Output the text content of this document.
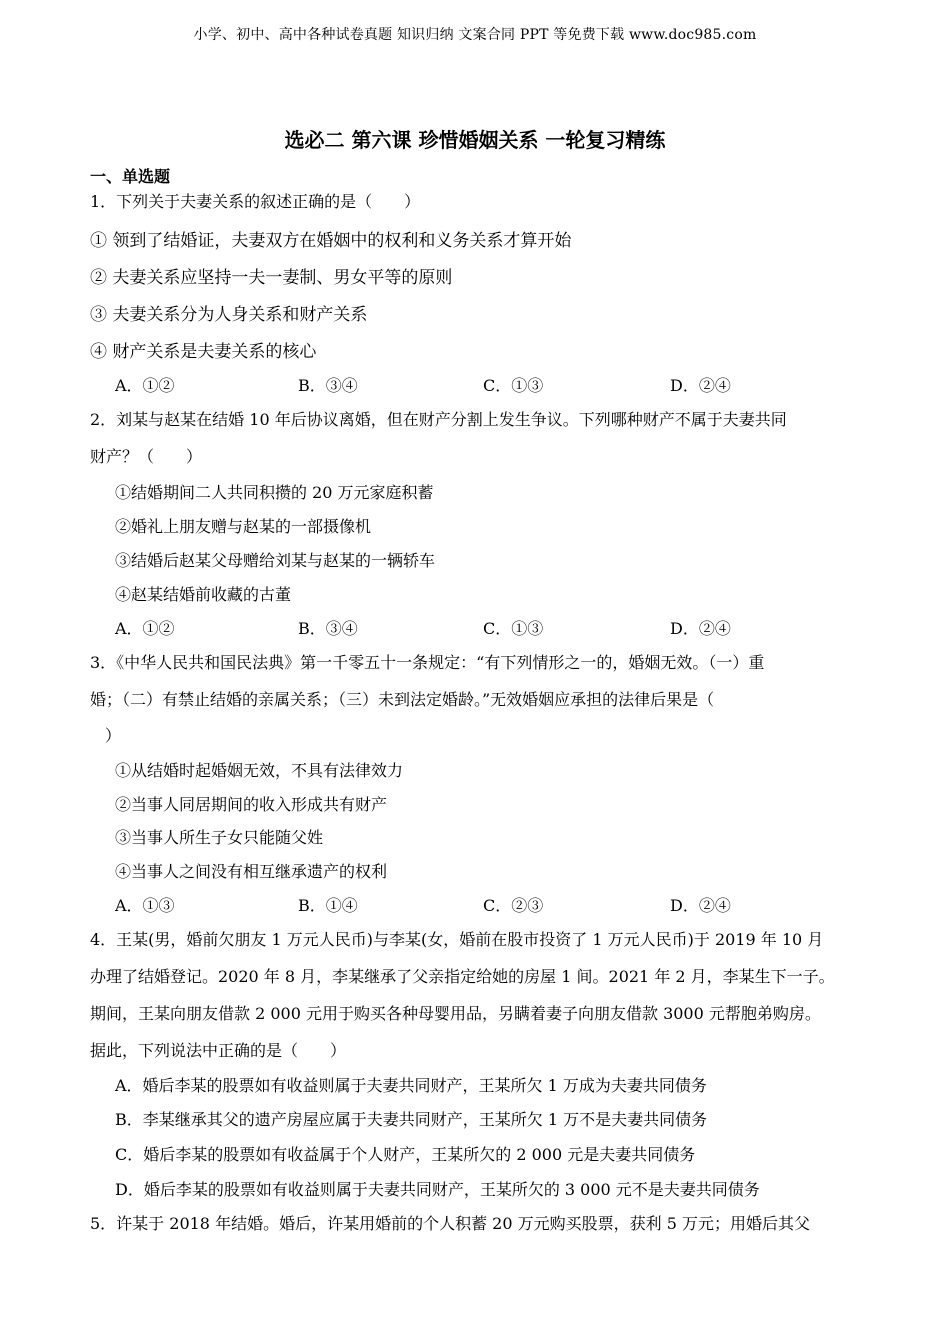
小学、初中、高中各种试卷真题 知识归纳 文案合同 PPT 等免费下载 www.doc985.com
选必二 第六课 珍惜婚姻关系 一轮复习精练
一、单选题
1．下列关于夫妻关系的叙述正确的是（　　）
① 领到了结婚证，夫妻双方在婚姻中的权利和义务关系才算开始
② 夫妻关系应坚持一夫一妻制、男女平等的原则
③ 夫妻关系分为人身关系和财产关系
④ 财产关系是夫妻关系的核心
A．①②	B．③④	C．①③	D．②④
2．刘某与赵某在结婚 10 年后协议离婚，但在财产分割上发生争议。下列哪种财产不属于夫妻共同
财产？（　　）
①结婚期间二人共同积攒的 20 万元家庭积蓄
②婚礼上朋友赠与赵某的一部摄像机
③结婚后赵某父母赠给刘某与赵某的一辆轿车
④赵某结婚前收藏的古董
A．①②	B．③④	C．①③	D．②④
3．《中华人民共和国民法典》第一千零五十一条规定：“有下列情形之一的，婚姻无效。（一）重
婚；（二）有禁止结婚的亲属关系；（三）未到法定婚龄。”无效婚姻应承担的法律后果是（
）
①从结婚时起婚姻无效，不具有法律效力
②当事人同居期间的收入形成共有财产
③当事人所生子女只能随父姓
④当事人之间没有相互继承遗产的权利
A．①③	B．①④	C．②③	D．②④
4．王某(男，婚前欠朋友 1 万元人民币)与李某(女，婚前在股市投资了 1 万元人民币)于 2019 年 10 月
办理了结婚登记。2020 年 8 月，李某继承了父亲指定给她的房屋 1 间。2021 年 2 月，李某生下一子。
期间，王某向朋友借款 2 000 元用于购买各种母婴用品，另瞒着妻子向朋友借款 3000 元帮胞弟购房。
据此，下列说法中正确的是（　　）
A．婚后李某的股票如有收益则属于夫妻共同财产，王某所欠 1 万成为夫妻共同债务
B．李某继承其父的遗产房屋应属于夫妻共同财产，王某所欠 1 万不是夫妻共同债务
C．婚后李某的股票如有收益属于个人财产，王某所欠的 2 000 元是夫妻共同债务
D．婚后李某的股票如有收益则属于夫妻共同财产，王某所欠的 3 000 元不是夫妻共同债务
5．许某于 2018 年结婚。婚后，许某用婚前的个人积蓄 20 万元购买股票，获利 5 万元；用婚后其父
